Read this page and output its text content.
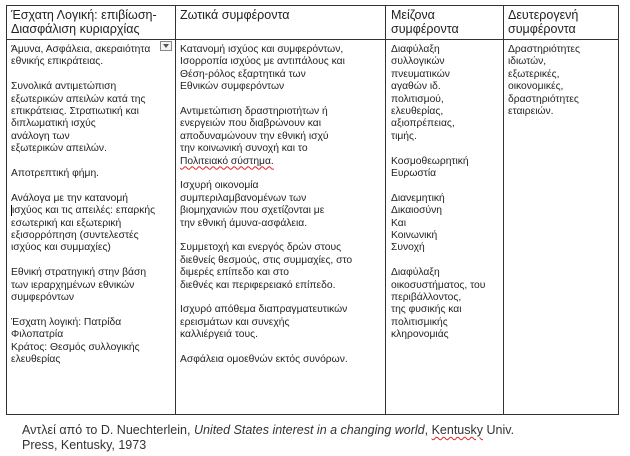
Έσχατη Λογική: επιβίωση-Διασφάλιση κυριαρχίας
Ζωτικά συμφέροντα	Μείζονα συμφέροντα
Δευτερογενή συμφέροντα

Άμυνα, Ασφάλεια, ακεραιότητα
εθνικής επικράτειας.

Συνολικά αντιμετώπιση
εξωτερικών απειλών κατά της
επικράτειας. Στρατιωτική και
διπλωματική ισχύς
ανάλογη των
εξωτερικών απειλών.

Αποτρεπτική φήμη.

Ανάλογα με την κατανομή
ισχύος και τις απειλές: επαρκής
εσωτερική και εξωτερική
εξισορρόπηση (συντελεστές
ισχύος και συμμαχίες)

Εθνική στρατηγική στην βάση
των ιεραρχημένων εθνικών
συμφερόντων

Έσχατη λογική: Πατρίδα
Φιλοπατρία
Κράτος: Θεσμός συλλογικής
ελευθερίας

Κατανομή ισχύος και συμφερόντων,
Ισορροπία ισχύος με αντιπάλους και
Θέση-ρόλος εξαρτητικά των
Εθνικών συμφερόντων

Αντιμετώπιση δραστηριοτήτων ή
ενεργειών που διαβρώνουν και
αποδυναμώνουν την εθνική ισχύ
την κοινωνική συνοχή και το
Πολιτειακό σύστημα.

Ισχυρή οικονομία
συμπεριλαμβανομένων των
βιομηχανιών που σχετίζονται με
την εθνική άμυνα-ασφάλεια.

Συμμετοχή και ενεργός δρών στους
διεθνείς θεσμούς, στις συμμαχίες, στο
διμερές επίπεδο και στο
διεθνές και περιφερειακό επίπεδο.

Ισχυρό απόθεμα διαπραγματευτικών
ερεισμάτων και συνεχής
καλλιέργειά τους.

Ασφάλεια ομοεθνών εκτός συνόρων.

Διαφύλαξη
συλλογικών
πνευματικών
αγαθών ιδ.
πολιτισμού,
ελευθερίας,
αξιοπρέπειας,
τιμής.

Κοσμοθεωρητική
Ευρωστία

Διανεμητική
Δικαιοσύνη
Και
Κοινωνική
Συνοχή

Διαφύλαξη
οικοσυστήματος, του
περιβάλλοντος,
της φυσικής και
πολιτισμικής
κληρονομιάς

Δραστηριότητες
ιδιωτών,
εξωτερικές,
οικονομικές,
δραστηριότητες
εταιρειών.

Αντλεί από το D. Nuechterlein, United States interest in a changing world, Kentusky Univ.

Press, Kentusky, 1973
